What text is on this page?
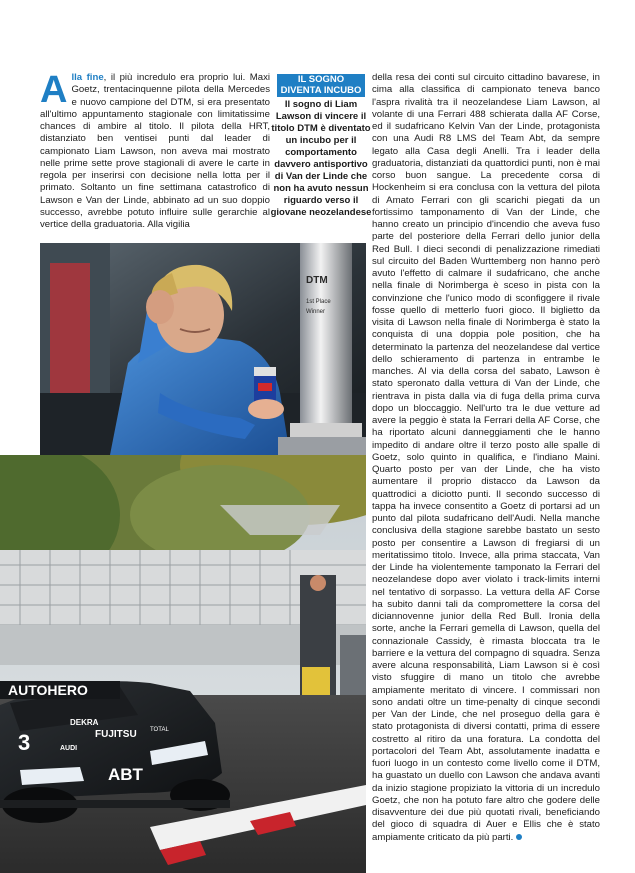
Alla fine, il più incredulo era proprio lui. Maxi Goetz, trentacinquenne pilota della Mercedes e nuovo campione del DTM, si era presentato all'ultimo appuntamento stagionale con limitatissime chances di ambire al titolo. Il pilota della HRT, distanziato ben ventisei punti dal leader di campionato Liam Lawson, non aveva mai mostrato nelle prime sette prove stagionali di avere le carte in regola per inserirsi con decisione nella lotta per il primato. Soltanto un fine settimana catastrofico di Lawson e Van der Linde, abbinato ad un suo doppio successo, avrebbe potuto influire sulle gerarchie al vertice della graduatoria. Alla vigilia
IL SOGNO
DIVENTA INCUBO
Il sogno di Liam Lawson di vincere il titolo DTM è diventato un incubo per il comportamento davvero antisportivo di Van der Linde che non ha avuto nessun riguardo verso il giovane neozelandese
della resa dei conti sul circuito cittadino bavarese, in cima alla classifica di campionato teneva banco l'aspra rivalità tra il neozelandese Liam Lawson, al volante di una Ferrari 488 schierata dalla AF Corse, ed il sudafricano Kelvin Van der Linde, protagonista con una Audi R8 LMS del Team Abt, da sempre legato alla Casa degli Anelli. Tra i leader della graduatoria, distanziati da quattordici punti, non è mai corso buon sangue. La precedente corsa di Hockenheim si era conclusa con la vettura del pilota di Amato Ferrari con gli scarichi piegati da un fortissimo tamponamento di Van der Linde, che hanno creato un principio d'incendio che aveva fuso parte del posteriore della Ferrari dello junior della Red Bull. I dieci secondi di penalizzazione rimediati sul circuito del Baden Wurttemberg non hanno però avuto l'effetto di calmare il sudafricano, che anche nella finale di Norimberga è sceso in pista con la convinzione che l'unico modo di sconfiggere il rivale fosse quello di metterlo fuori gioco. Il biglietto da visita di Lawson nella finale di Norimberga è stato la conquista di una doppia pole position, che ha determinato la partenza del neozelandese dal vertice dello schieramento di partenza in entrambe le manches. Al via della corsa del sabato, Lawson è stato speronato dalla vettura di Van der Linde, che rientrava in pista dalla via di fuga della prima curva dopo un bloccaggio. Nell'urto tra le due vetture ad avere la peggio è stata la Ferrari della AF Corse, che ha riportato alcuni danneggiamenti che le hanno impedito di andare oltre il terzo posto alle spalle di Goetz, solo quinto in qualifica, e l'indiano Maini. Quarto posto per van der Linde, che ha visto aumentare il proprio distacco da Lawson da quattrodici a diciotto punti. Il secondo successo di tappa ha invece consentito a Goetz di portarsi ad un punto dal pilota sudafricano dell'Audi. Nella manche conclusiva della stagione sarebbe bastato un sesto posto per consentire a Lawson di fregiarsi di un meritatissimo titolo. Invece, alla prima staccata, Van der Linde ha violentemente tamponato la Ferrari del neozelandese dopo aver violato i track-limits interni nel tentativo di sorpasso. La vettura della AF Corse ha subito danni tali da compromettere la corsa del diciannovenne junior della Red Bull. Ironia della sorte, anche la Ferrari gemella di Lawson, quella del connazionale Cassidy, è rimasta bloccata tra le barriere e la vettura del compagno di squadra. Senza avere alcuna responsabilità, Liam Lawson si è così visto sfuggire di mano un titolo che avrebbe ampiamente meritato di vincere. I commissari non sono andati oltre un time-penalty di cinque secondi per Van der Linde, che nel proseguo della gara è stato protagonista di diversi contatti, prima di essere costretto al ritiro da una foratura. La condotta del portacolori del Team Abt, assolutamente inadatta e fuori luogo in un contesto come livello come il DTM, ha guastato un duello con Lawson che andava avanti da inizio stagione propiziato la vittoria di un incredulo Goetz, che non ha potuto fare altro che godere delle disavventure dei due più quotati rivali, beneficiando del gioco di squadra di Auer e Ellis che è stato ampiamente criticato da più parti.
DTM
1st Place
Winner
AUTOHERO
3
DEKRA
FUJITSU
AUDI
ABT
TOTAL
